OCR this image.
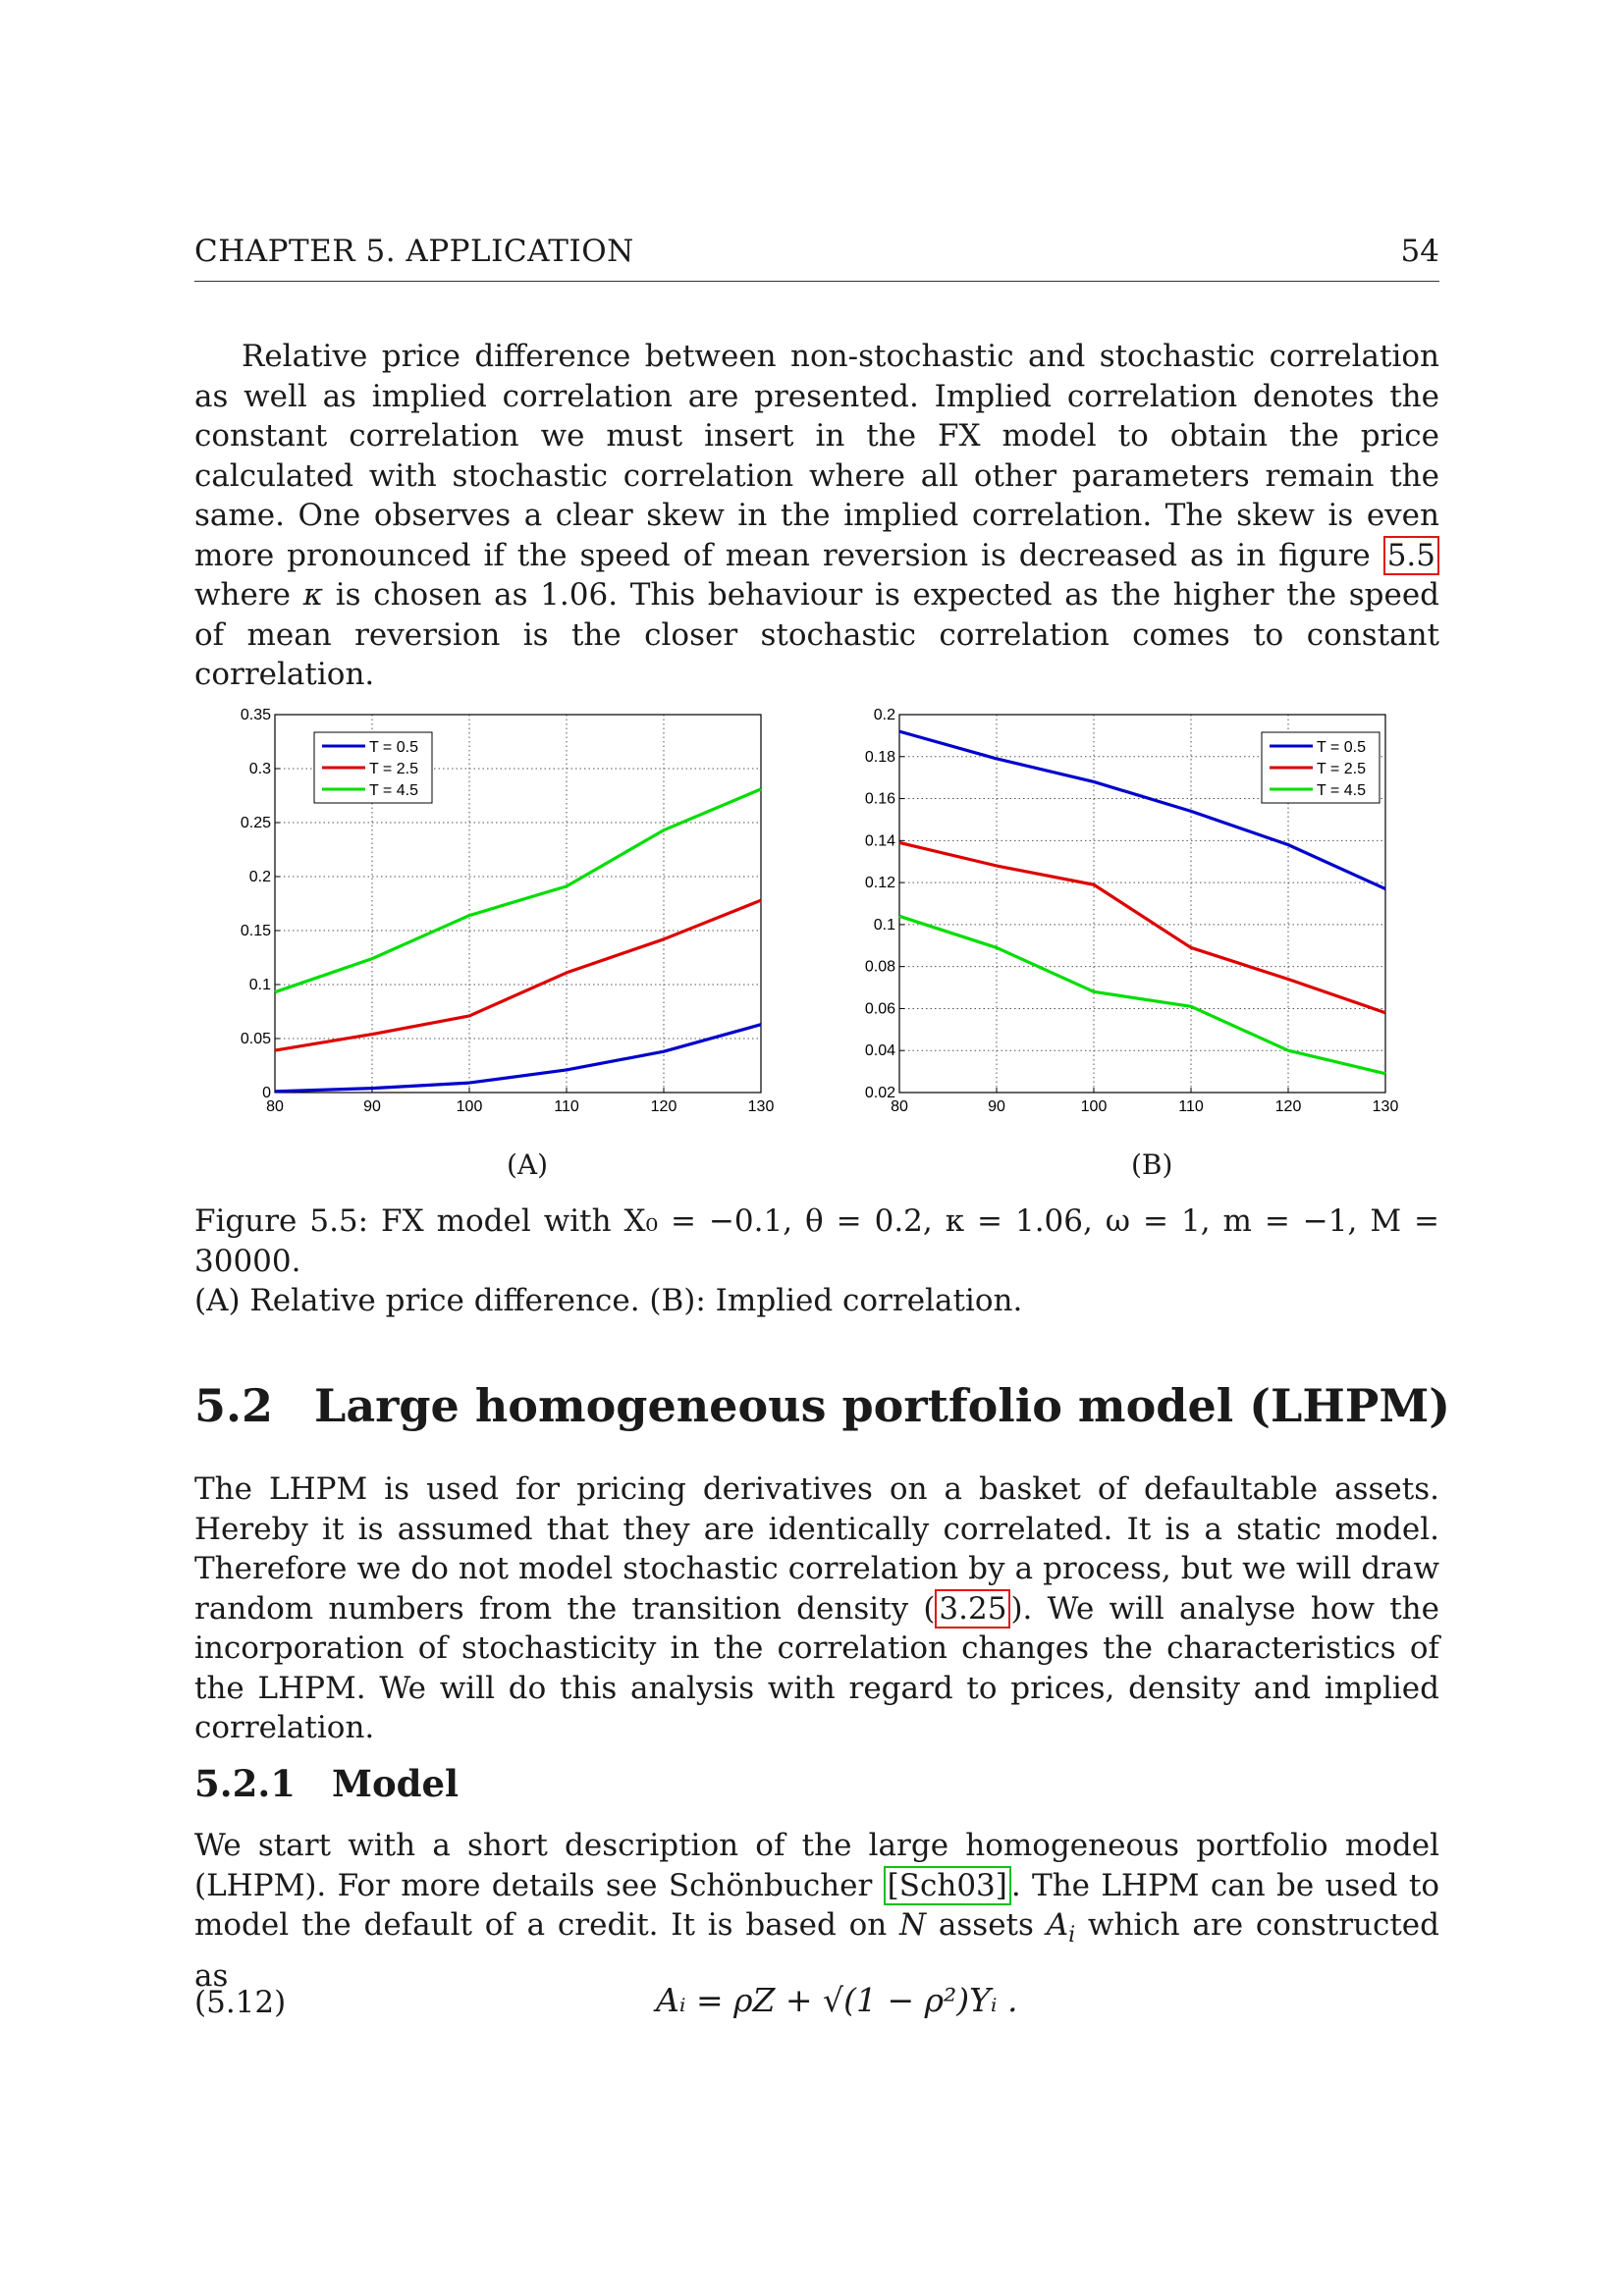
CHAPTER 5. APPLICATION	54
Relative price difference between non-stochastic and stochastic correlation as well as implied correlation are presented. Implied correlation denotes the constant correlation we must insert in the FX model to obtain the price calculated with stochastic correlation where all other parameters remain the same. One observes a clear skew in the implied correlation. The skew is even more pronounced if the speed of mean reversion is decreased as in figure 5.5 where κ is chosen as 1.06. This behaviour is expected as the higher the speed of mean reversion is the closer stochastic correlation comes to constant correlation.
80	90	100	110	120	130
0
0.05
0.1
0.15
0.2
0.25
0.3
0.35
T = 0.5
T = 2.5
T = 4.5
80	90	100	110	120	130
0.02
0.04
0.06
0.08
0.1
0.12
0.14
0.16
0.18
0.2
T = 0.5
T = 2.5
T = 4.5
(A)	(B)
Figure 5.5: FX model with X₀ = −0.1, θ = 0.2, κ = 1.06, ω = 1, m = −1, M = 30000.
(A) Relative price difference. (B): Implied correlation.
5.2 Large homogeneous portfolio model (LHPM)
The LHPM is used for pricing derivatives on a basket of defaultable assets. Hereby it is assumed that they are identically correlated. It is a static model. Therefore we do not model stochastic correlation by a process, but we will draw random numbers from the transition density ( 3.25 ). We will analyse how the incorporation of stochasticity in the correlation changes the characteristics of the LHPM. We will do this analysis with regard to prices, density and implied correlation.
5.2.1 Model
We start with a short description of the large homogeneous portfolio model (LHPM). For more details see Schönbucher [Sch03] . The LHPM can be used to model the default of a credit. It is based on N assets $A_i$ which are constructed as
(5.12)	Aᵢ = ρZ + √(1 − ρ²)Yᵢ .
